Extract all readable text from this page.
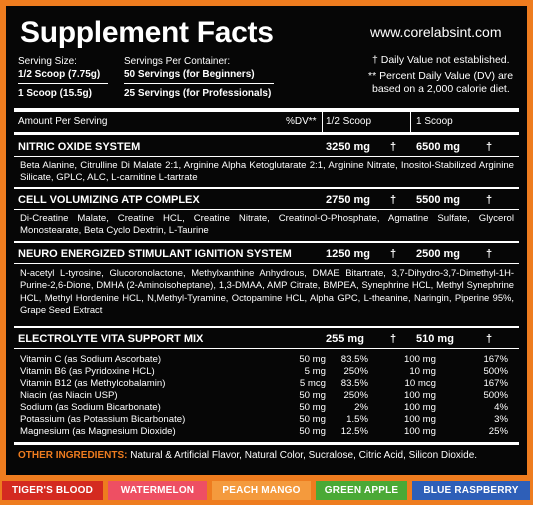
Supplement Facts	www.corelabsint.com
† Daily Value not established.
** Percent Daily Value (DV) are
based on a 2,000 calorie diet.
Serving Size:	Servings Per Container:
1/2 Scoop (7.75g) 50 Servings (for Beginners)
1 Scoop (15.5g)	25 Servings (for Professionals)
Amount Per Serving	%DV** 1/2 Scoop	1 Scoop
NITRIC OXIDE SYSTEM	3250 mg † 6500 mg †
Beta Alanine, Citrulline Di Malate 2:1, Arginine Alpha Ketoglutarate 2:1, Arginine Nitrate, Inositol-Stabilized Arginine Silicate, GPLC, ALC, L-carnitine L-tartrate
CELL VOLUMIZING ATP COMPLEX	2750 mg † 5500 mg †
Di-Creatine Malate, Creatine HCL, Creatine Nitrate, Creatinol-O-Phosphate, Agmatine Sulfate, Glycerol Monostearate, Beta Cyclo Dextrin, L-Taurine
NEURO ENERGIZED STIMULANT IGNITION SYSTEM	1250 mg † 2500 mg †
N-acetyl L-tyrosine, Glucoronolactone, Methylxanthine Anhydrous, DMAE Bitartrate, 3,7-Dihydro-3,7-Dimethyl-1H-Purine-2,6-Dione, DMHA (2-Aminoisoheptane), 1,3-DMAA, AMP Citrate, BMPEA, Synephrine HCL, Methyl Synephrine HCL, Methyl Hordenine HCL, N,Methyl-Tyramine, Octopamine HCL, Alpha GPC, L-theanine, Naringin, Piperine 95%, Grape Seed Extract
ELECTROLYTE VITA SUPPORT MIX	255 mg † 510 mg	†
Vitamin C (as Sodium Ascorbate)	50 mg	83.5%	100 mg	167%
Vitamin B6 (as Pyridoxine HCL)	5 mg	250%	10 mg	500%
Vitamin B12 (as Methylcobalamin)	5 mcg	83.5%	10 mcg	167%
Niacin (as Niacin USP)	50 mg	250%	100 mg	500%
Sodium (as Sodium Bicarbonate)	50 mg	2%	100 mg	4%
Potassium (as Potassium Bicarbonate)	50 mg	1.5%	100 mg	3%
Magnesium (as Magnesium Dioxide)	50 mg	12.5%	100 mg	25%
OTHER INGREDIENTS: Natural & Artificial Flavor, Natural Color, Sucralose, Citric Acid, Silicon Dioxide.
TIGER'S BLOOD	WATERMELON	PEACH MANGO	GREEN APPLE	BLUE RASPBERRY
